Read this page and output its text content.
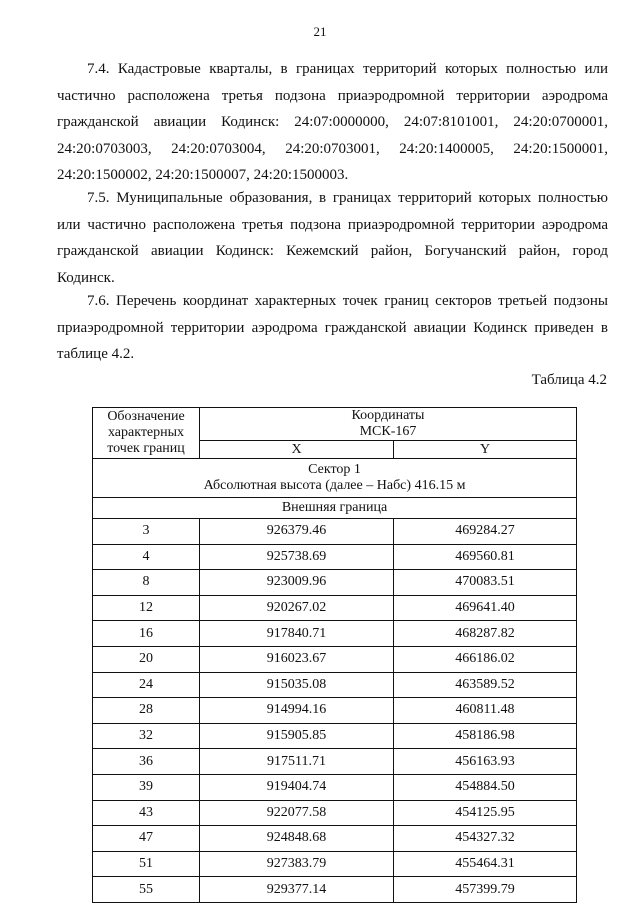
21

7.4. Кадастровые кварталы, в границах территорий которых полностью или частично расположена третья подзона приаэродромной территории аэродрома гражданской авиации Кодинск: 24:07:0000000, 24:07:8101001, 24:20:0700001, 24:20:0703003, 24:20:0703004, 24:20:0703001, 24:20:1400005, 24:20:1500001, 24:20:1500002, 24:20:1500007, 24:20:1500003.

7.5. Муниципальные образования, в границах территорий которых полностью или частично расположена третья подзона приаэродромной территории аэродрома гражданской авиации Кодинск: Кежемский район, Богучанский район, город Кодинск.

7.6. Перечень координат характерных точек границ секторов третьей подзоны приаэродромной территории аэродрома гражданской авиации Кодинск приведен в таблице 4.2.

Таблица 4.2
Обозначение характерных точек границ	Координаты
МСК-167	

	X	Y

Сектор 1
Абсолютная высота (далее – Набс) 416.15 м		

Внешняя граница		
3	926379.46	469284.27
4	925738.69	469560.81
8	923009.96	470083.51
12	920267.02	469641.40
16	917840.71	468287.82
20	916023.67	466186.02
24	915035.08	463589.52
28	914994.16	460811.48
32	915905.85	458186.98
36	917511.71	456163.93
39	919404.74	454884.50
43	922077.58	454125.95
47	924848.68	454327.32
51	927383.79	455464.31
55	929377.14	457399.79
